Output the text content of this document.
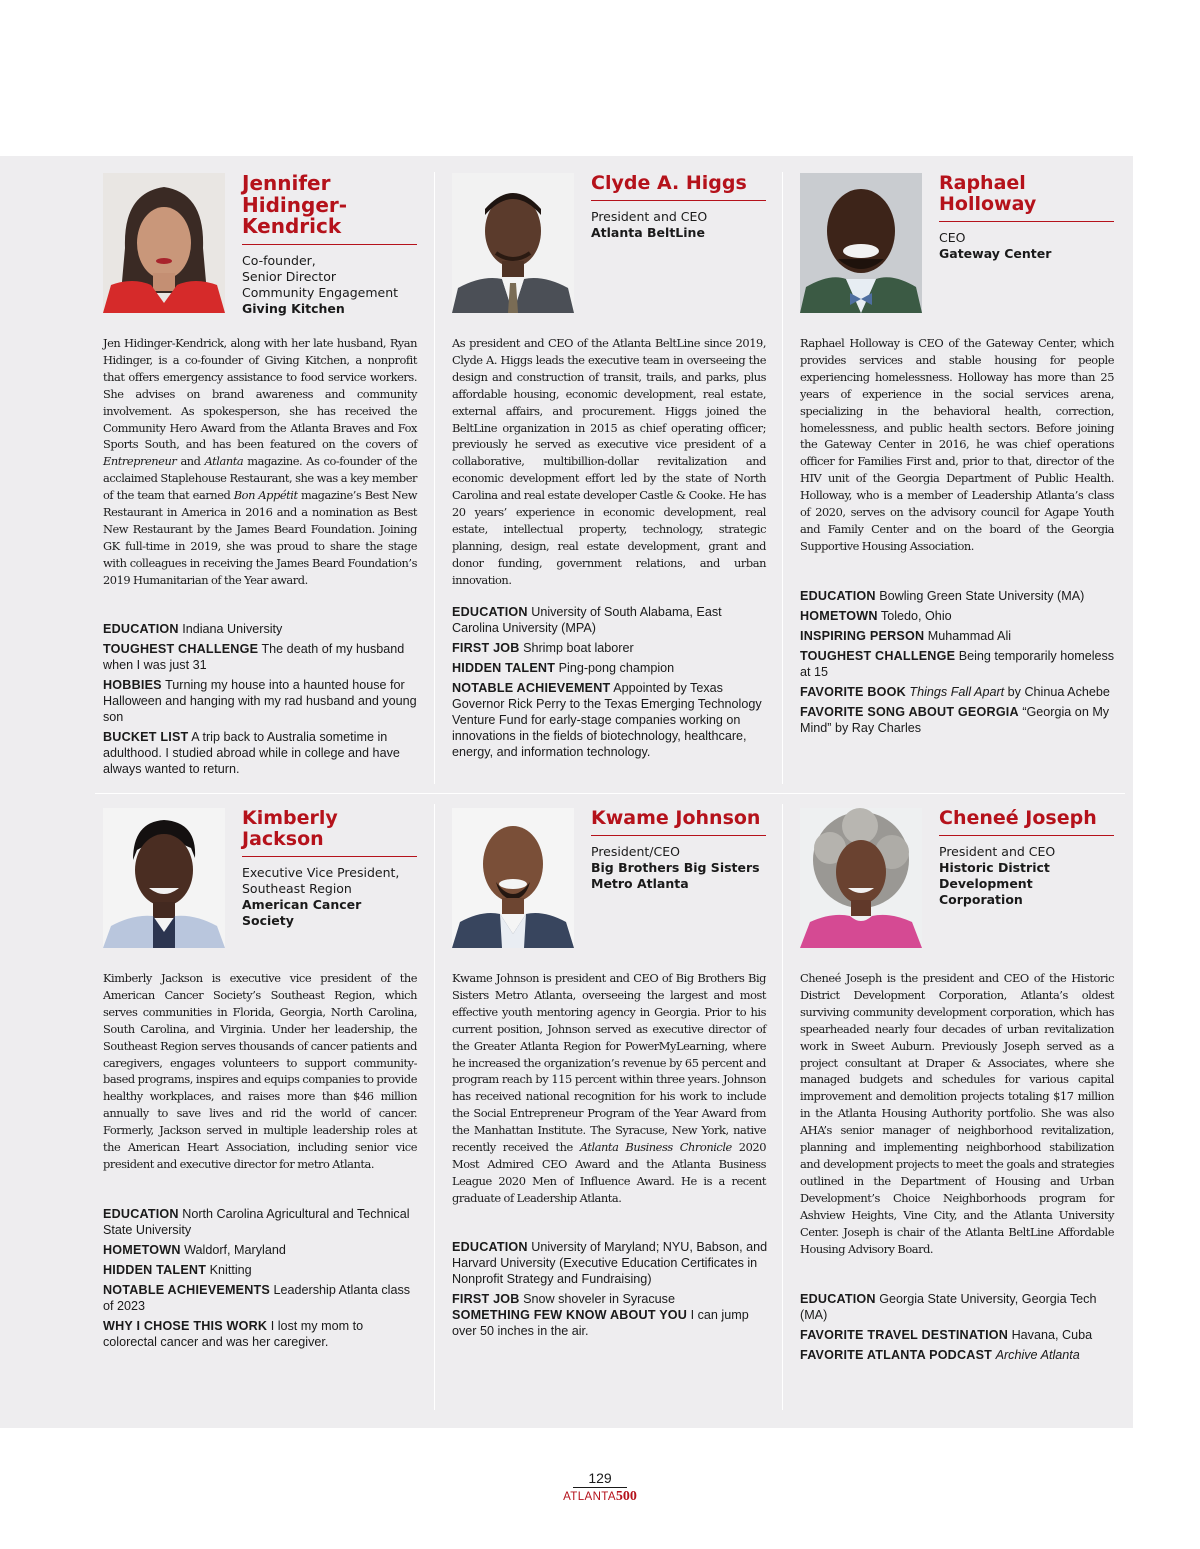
Jennifer
Hidinger-
Kendrick
Co-founder,
Senior Director
Community Engagement
Giving Kitchen
Jen Hidinger-Kendrick, along with her late husband, Ryan Hidinger, is a co-founder of Giving Kitchen, a nonprofit that offers emergency assistance to food service workers. She advises on brand awareness and community involvement. As spokesperson, she has received the Community Hero Award from the Atlanta Braves and Fox Sports South, and has been featured on the covers of Entrepreneur and Atlanta magazine. As co-founder of the acclaimed Staplehouse Restaurant, she was a key member of the team that earned Bon Appétit magazine’s Best New Restaurant in America in 2016 and a nomination as Best New Restaurant by the James Beard Foundation. Joining GK full-time in 2019, she was proud to share the stage with colleagues in receiving the James Beard Foundation’s 2019 Humanitarian of the Year award.
EDUCATION Indiana University
TOUGHEST CHALLENGE The death of my husband when I was just 31
HOBBIES Turning my house into a haunted house for Halloween and hanging with my rad husband and young son
BUCKET LIST A trip back to Australia sometime in adulthood. I studied abroad while in college and have always wanted to return.
Clyde A. Higgs
President and CEO
Atlanta BeltLine
As president and CEO of the Atlanta BeltLine since 2019, Clyde A. Higgs leads the executive team in overseeing the design and construction of transit, trails, and parks, plus affordable housing, economic development, real estate, external affairs, and procurement. Higgs joined the BeltLine organization in 2015 as chief operating officer; previously he served as executive vice president of a collaborative, multibillion-dollar revitalization and economic development effort led by the state of North Carolina and real estate developer Castle & Cooke. He has 20 years’ experience in economic development, real estate, intellectual property, technology, strategic planning, design, real estate development, grant and donor funding, government relations, and urban innovation.
EDUCATION University of South Alabama, East Carolina University (MPA)
FIRST JOB Shrimp boat laborer
HIDDEN TALENT Ping-pong champion
NOTABLE ACHIEVEMENT Appointed by Texas Governor Rick Perry to the Texas Emerging Technology Venture Fund for early-stage companies working on innovations in the fields of biotechnology, healthcare, energy, and information technology.
Raphael
Holloway
CEO
Gateway Center
Raphael Holloway is CEO of the Gateway Center, which provides services and stable housing for people experiencing homelessness. Holloway has more than 25 years of experience in the social services arena, specializing in the behavioral health, correction, homelessness, and public health sectors. Before joining the Gateway Center in 2016, he was chief operations officer for Families First and, prior to that, director of the HIV unit of the Georgia Department of Public Health. Holloway, who is a member of Leadership Atlanta’s class of 2020, serves on the advisory council for Agape Youth and Family Center and on the board of the Georgia Supportive Housing Association.
EDUCATION Bowling Green State University (MA)
HOMETOWN Toledo, Ohio
INSPIRING PERSON Muhammad Ali
TOUGHEST CHALLENGE Being temporarily homeless at 15
FAVORITE BOOK Things Fall Apart by Chinua Achebe
FAVORITE SONG ABOUT GEORGIA “Georgia on My Mind” by Ray Charles
Kimberly
Jackson
Executive Vice President,
Southeast Region
American Cancer Society
Kimberly Jackson is executive vice president of the American Cancer Society’s Southeast Region, which serves communities in Florida, Georgia, North Carolina, South Carolina, and Virginia. Under her leadership, the Southeast Region serves thousands of cancer patients and caregivers, engages volunteers to support community-based programs, inspires and equips companies to provide healthy workplaces, and raises more than $46 million annually to save lives and rid the world of cancer. Formerly, Jackson served in multiple leadership roles at the American Heart Association, including senior vice president and executive director for metro Atlanta.
EDUCATION North Carolina Agricultural and Technical State University
HOMETOWN Waldorf, Maryland
HIDDEN TALENT Knitting
NOTABLE ACHIEVEMENTS Leadership Atlanta class of 2023
WHY I CHOSE THIS WORK I lost my mom to colorectal cancer and was her caregiver.
Kwame Johnson
President/CEO
Big Brothers Big Sisters
Metro Atlanta
Kwame Johnson is president and CEO of Big Brothers Big Sisters Metro Atlanta, overseeing the largest and most effective youth mentoring agency in Georgia. Prior to his current position, Johnson served as executive director of the Greater Atlanta Region for PowerMyLearning, where he increased the organization’s revenue by 65 percent and program reach by 115 percent within three years. Johnson has received national recognition for his work to include the Social Entrepreneur Program of the Year Award from the Manhattan Institute. The Syracuse, New York, native recently received the Atlanta Business Chronicle 2020 Most Admired CEO Award and the Atlanta Business League 2020 Men of Influence Award. He is a recent graduate of Leadership Atlanta.
EDUCATION University of Maryland; NYU, Babson, and Harvard University (Executive Education Certificates in Nonprofit Strategy and Fundraising)
FIRST JOB Snow shoveler in Syracuse
SOMETHING FEW KNOW ABOUT YOU I can jump over 50 inches in the air.
Cheneé Joseph
President and CEO
Historic District
Development
Corporation
Cheneé Joseph is the president and CEO of the Historic District Development Corporation, Atlanta’s oldest surviving community development corporation, which has spearheaded nearly four decades of urban revitalization work in Sweet Auburn. Previously Joseph served as a project consultant at Draper & Associates, where she managed budgets and schedules for various capital improvement and demolition projects totaling $17 million in the Atlanta Housing Authority portfolio. She was also AHA’s senior manager of neighborhood revitalization, planning and implementing neighborhood stabilization and development projects to meet the goals and strategies outlined in the Department of Housing and Urban Development’s Choice Neighborhoods program for Ashview Heights, Vine City, and the Atlanta University Center. Joseph is chair of the Atlanta BeltLine Affordable Housing Advisory Board.
EDUCATION Georgia State University, Georgia Tech (MA)
FAVORITE TRAVEL DESTINATION Havana, Cuba
FAVORITE ATLANTA PODCAST Archive Atlanta
129
ATLANTA500
